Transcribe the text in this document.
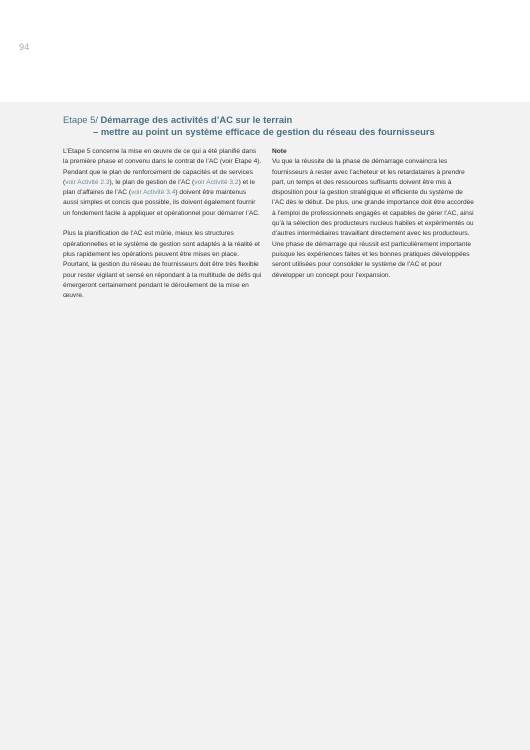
94
Etape 5/ Démarrage des activités d’AC sur le terrain
– mettre au point un système efficace de gestion du réseau des fournisseurs

L’Etape 5 concerne la mise en œuvre de ce qui a été planifié dans la première phase et convenu dans le contrat de l’AC (voir Etape 4). Pendant que le plan de renforcement de capacités et de services (voir Activité 2.3), le plan de gestion de l’AC (voir Activité 3.2) et le plan d’affaires de l’AC (voir Activité 3.4) doivent être maintenus aussi simples et concis que possible, ils doivent également fournir un fondement facile à appliquer et opérationnel pour démarrer l’AC.

Plus la planification de l’AC est mûrie, mieux les structures opérationnelles et le système de gestion sont adaptés à la réalité et plus rapidement les opérations peuvent être mises en place. Pourtant, la gestion du réseau de fournisseurs doit être très flexible pour rester vigilant et sensé en répondant à la multitude de défis qui émergeront certainement pendant le déroulement de la mise en œuvre.

Note

Vu que la réussite de la phase de démarrage convaincra les fournisseurs à rester avec l’acheteur et les retardataires à prendre part, un temps et des ressources suffisants doivent être mis à disposition pour la gestion stratégique et efficiente du système de l’AC dès le début. De plus, une grande importance doit être accordée à l’emploi de professionnels engagés et capables de gérer l’AC, ainsi qu’à la sélection des producteurs nucleus habiles et expérimentés ou d’autres intermédiaires travaillant directement avec les producteurs. Une phase de démarrage qui réussit est particulièrement importante puisque les expériences faites et les bonnes pratiques développées seront utilisées pour consolider le système de l’AC et pour développer un concept pour l’expansion.
